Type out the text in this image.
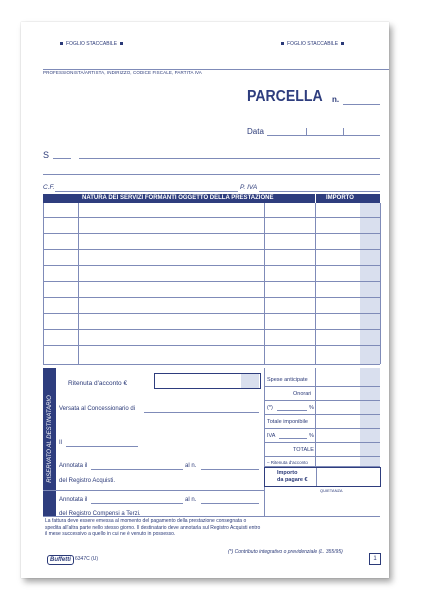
FOGLIO STACCABILE	FOGLIO STACCABILE
PROFESSIONISTA/ARTISTA, INDIRIZZO, CODICE FISCALE, PARTITA IVA
PARCELLA n.
Data
S
C.F.	P. IVA
NATURA DEI SERVIZI FORMANTI OGGETTO DELLA PRESTAZIONE	IMPORTO
RISERVATO AL DESTINATARIO
Ritenuta d'acconto €
Versata al Concessionario di
Il
Annotata il	al n.
del Registro Acquisti.
Annotata il	al n.
del Registro Compensi a Terzi.
Spese anticipate
Onorari
(*)	%
Totale imponibile
IVA	%
TOTALE
– Ritenuta d'acconto
Importo
da pagare €
QUIETANZA
La fattura deve essere emessa al momento del pagamento della prestazione consegnata o spedita all'altra parte nello stesso giorno. Il destinatario deve annotarla sul Registro Acquisti entro il mese successivo a quello in cui ne è venuto in possesso.
Buffetti 6347C (U)
(*) Contributo integrativo o previdenziale (L. 355/95)
1
